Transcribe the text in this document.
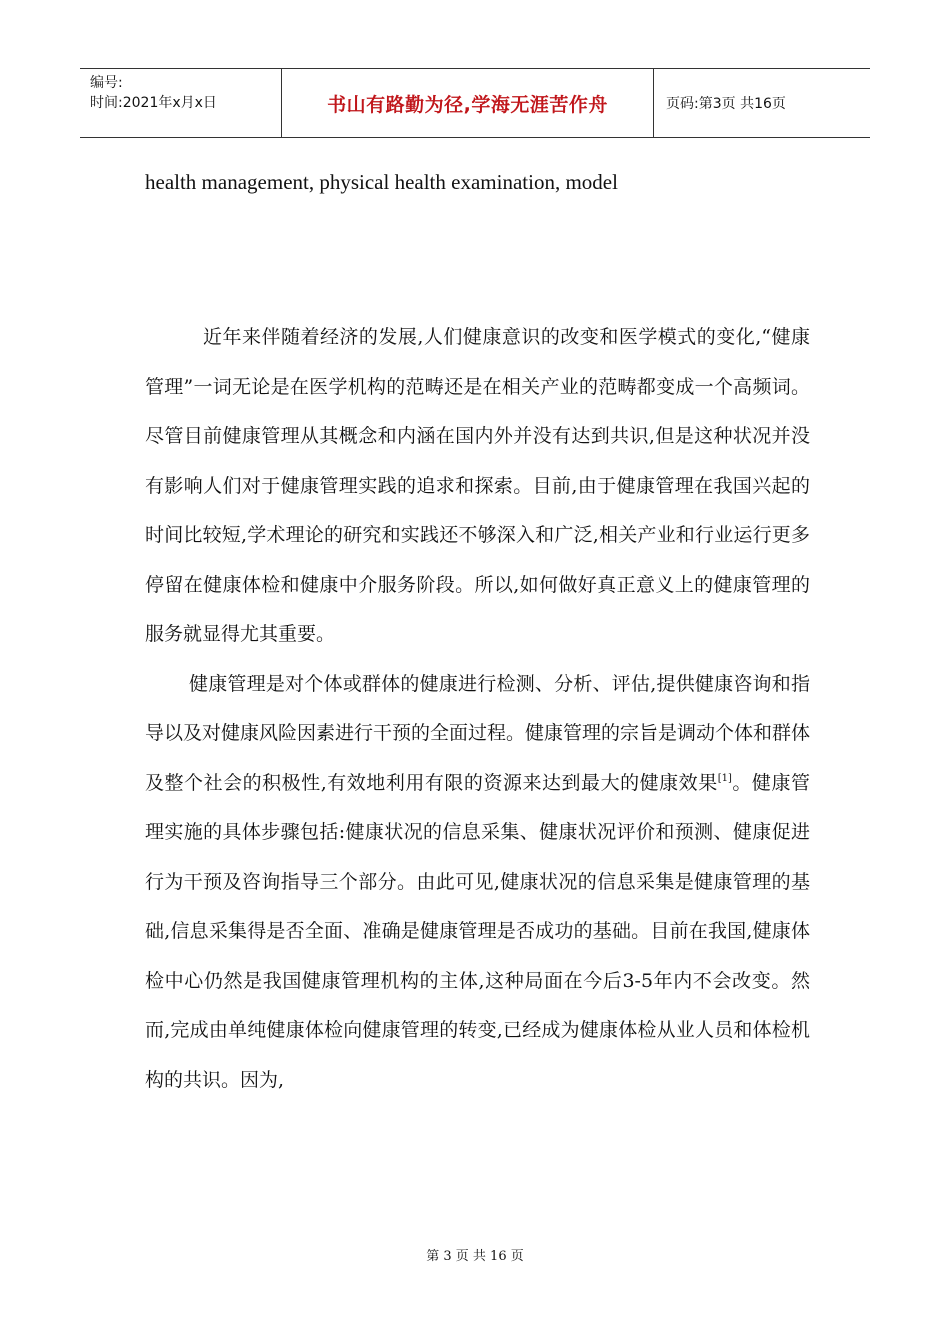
编号:
时间:2021年x月x日	书山有路勤为径,学海无涯苦作舟	页码:第3页 共16页
health management, physical health examination, model

近年来伴随着经济的发展,人们健康意识的改变和医学模式的变化,“健康管理”一词无论是在医学机构的范畴还是在相关产业的范畴都变成一个高频词。尽管目前健康管理从其概念和内涵在国内外并没有达到共识,但是这种状况并没有影响人们对于健康管理实践的追求和探索。目前,由于健康管理在我国兴起的时间比较短,学术理论的研究和实践还不够深入和广泛,相关产业和行业运行更多停留在健康体检和健康中介服务阶段。所以,如何做好真正意义上的健康管理的服务就显得尤其重要。

健康管理是对个体或群体的健康进行检测、分析、评估,提供健康咨询和指导以及对健康风险因素进行干预的全面过程。健康管理的宗旨是调动个体和群体及整个社会的积极性,有效地利用有限的资源来达到最大的健康效果[1]。健康管理实施的具体步骤包括:健康状况的信息采集、健康状况评价和预测、健康促进行为干预及咨询指导三个部分。由此可见,健康状况的信息采集是健康管理的基础,信息采集得是否全面、准确是健康管理是否成功的基础。目前在我国,健康体检中心仍然是我国健康管理机构的主体,这种局面在今后3-5年内不会改变。然而,完成由单纯健康体检向健康管理的转变,已经成为健康体检从业人员和体检机构的共识。因为,

第 3 页 共 16 页
